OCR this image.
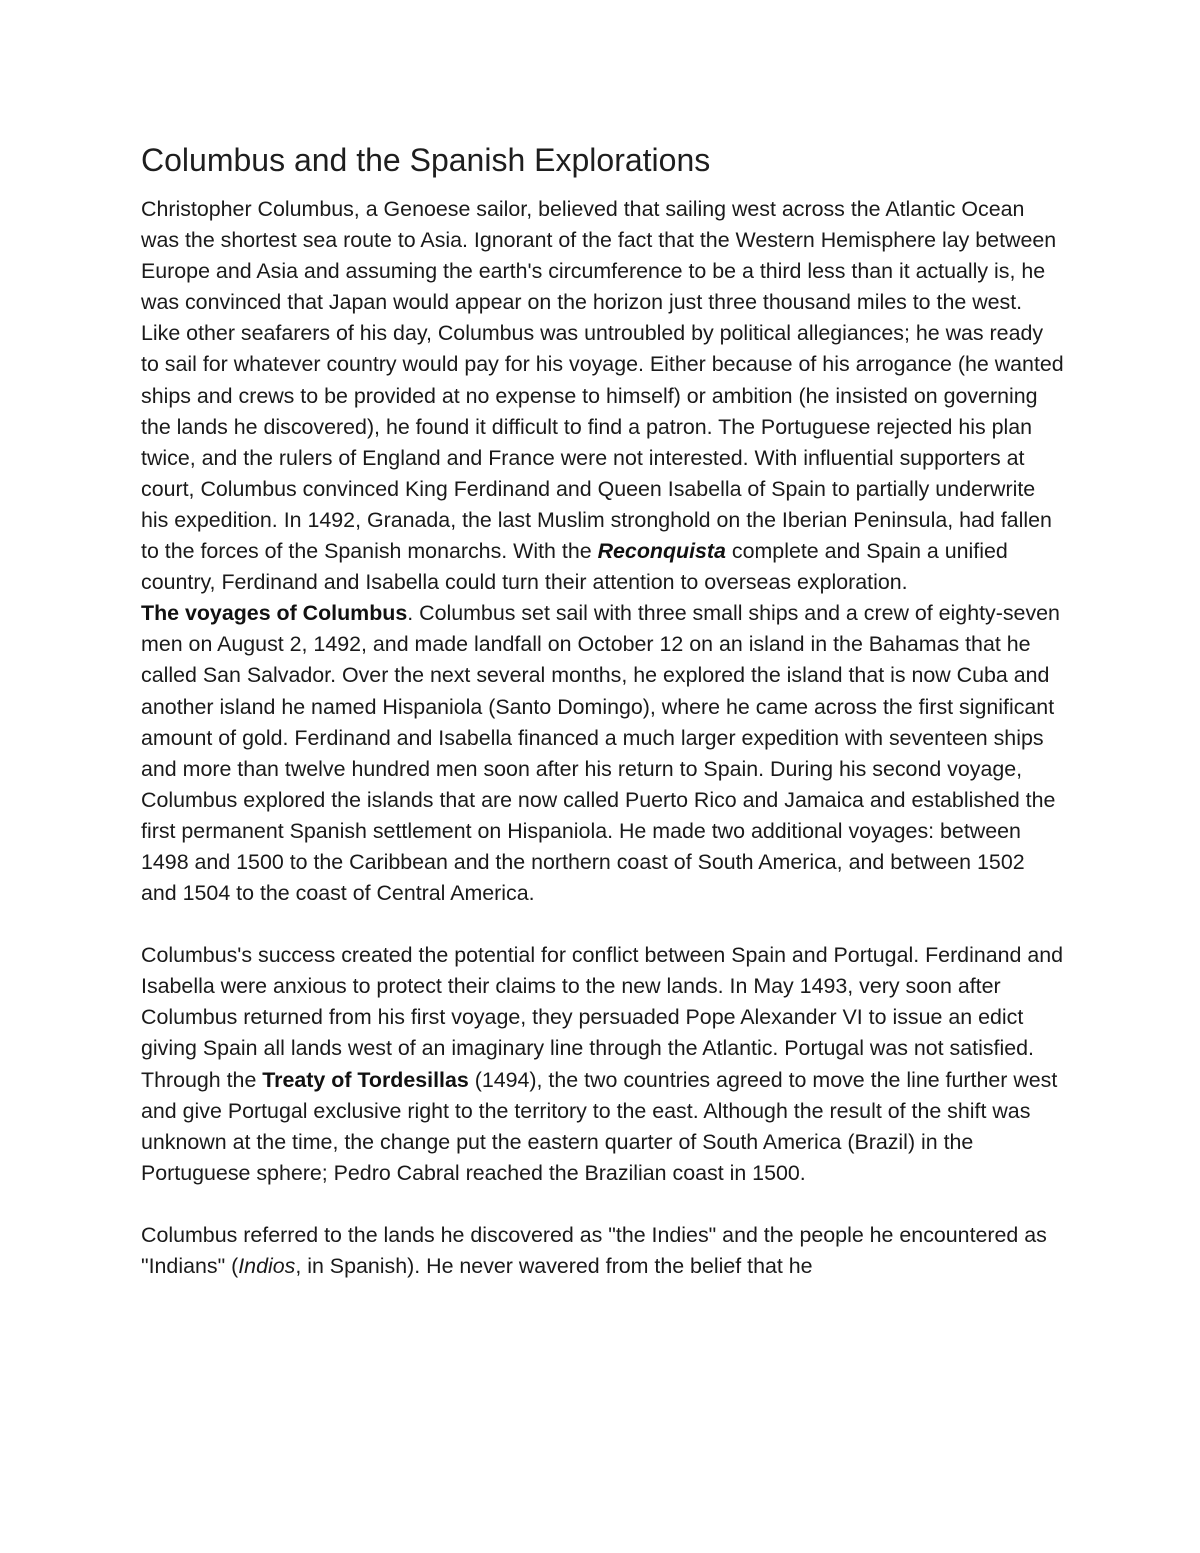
Columbus and the Spanish Explorations

Christopher Columbus, a Genoese sailor, believed that sailing west across the Atlantic Ocean was the shortest sea route to Asia. Ignorant of the fact that the Western Hemisphere lay between Europe and Asia and assuming the earth's circumference to be a third less than it actually is, he was convinced that Japan would appear on the horizon just three thousand miles to the west. Like other seafarers of his day, Columbus was untroubled by political allegiances; he was ready to sail for whatever country would pay for his voyage. Either because of his arrogance (he wanted ships and crews to be provided at no expense to himself) or ambition (he insisted on governing the lands he discovered), he found it difficult to find a patron. The Portuguese rejected his plan twice, and the rulers of England and France were not interested. With influential supporters at court, Columbus convinced King Ferdinand and Queen Isabella of Spain to partially underwrite his expedition. In 1492, Granada, the last Muslim stronghold on the Iberian Peninsula, had fallen to the forces of the Spanish monarchs. With the Reconquista complete and Spain a unified country, Ferdinand and Isabella could turn their attention to overseas exploration.

The voyages of Columbus. Columbus set sail with three small ships and a crew of eighty-seven men on August 2, 1492, and made landfall on October 12 on an island in the Bahamas that he called San Salvador. Over the next several months, he explored the island that is now Cuba and another island he named Hispaniola (Santo Domingo), where he came across the first significant amount of gold. Ferdinand and Isabella financed a much larger expedition with seventeen ships and more than twelve hundred men soon after his return to Spain. During his second voyage, Columbus explored the islands that are now called Puerto Rico and Jamaica and established the first permanent Spanish settlement on Hispaniola. He made two additional voyages: between 1498 and 1500 to the Caribbean and the northern coast of South America, and between 1502 and 1504 to the coast of Central America.

Columbus's success created the potential for conflict between Spain and Portugal. Ferdinand and Isabella were anxious to protect their claims to the new lands. In May 1493, very soon after Columbus returned from his first voyage, they persuaded Pope Alexander VI to issue an edict giving Spain all lands west of an imaginary line through the Atlantic. Portugal was not satisfied. Through the Treaty of Tordesillas (1494), the two countries agreed to move the line further west and give Portugal exclusive right to the territory to the east. Although the result of the shift was unknown at the time, the change put the eastern quarter of South America (Brazil) in the Portuguese sphere; Pedro Cabral reached the Brazilian coast in 1500.

Columbus referred to the lands he discovered as "the Indies" and the people he encountered as "Indians" (Indios, in Spanish). He never wavered from the belief that he
